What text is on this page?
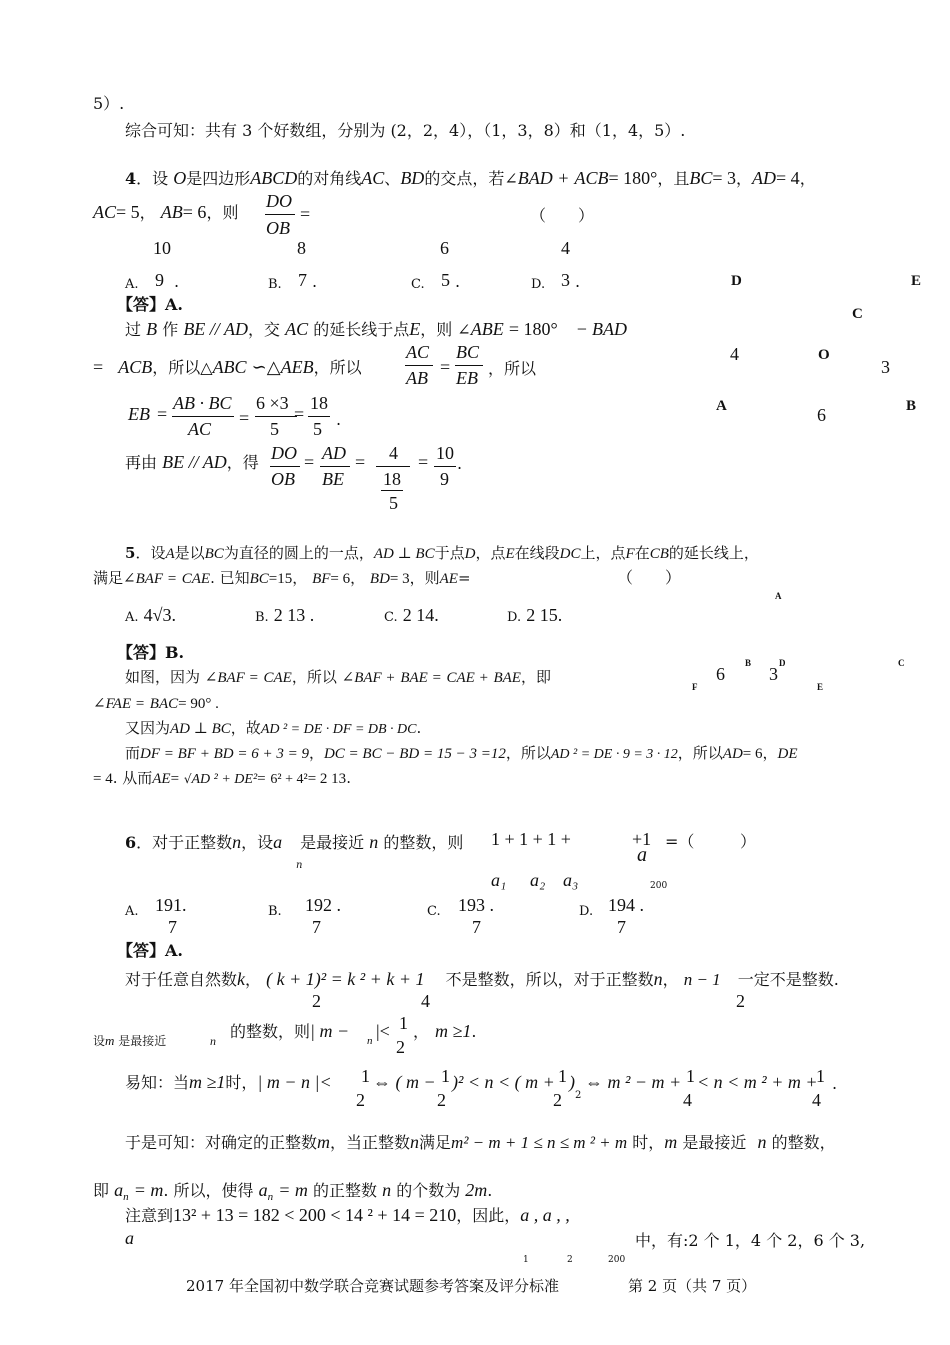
5）.
综合可知：共有 3 个好数组，分别为 (2，2，4），（1，3，8）和（1，4，5）.
4．设 O是四边形ABCD的对角线AC、BD的交点，若∠BAD + ACB= 180°，且BC= 3，AD= 4，
AC= 5， AB= 6，则
DO
OB
=	（　　）
10	8	6	4
A. 9 .	B. 7 .	C. 5 .	D. 3 .
【答】A.
过 B 作 BE // AD，交 AC 的延长线于点E，则 ∠ABE = 180° − BAD
= ACB，所以△ABC ∽△AEB，所以
AC
AB
=
BC
EB ，所以
EB =
AB · BC
AC
=
6 ×3
5
=
18
5 .
再由 BE // AD，得 DO
OB
= AD
BE
= 4
18
5
= 10
9
.
D	E
C
4	O
3
A	6	B
5．设A是以BC为直径的圆上的一点，AD ⊥ BC于点D，点E在线段DC上，点F在CB的延长线上，
满足∠BAF = CAE. 已知BC=15， BF= 6， BD= 3，则AE=	（　　）
A. 4√3.	B. 2 13 .	C. 2 14.	D. 2 15.
【答】B.
如图，因为 ∠BAF = CAE，所以 ∠BAF + BAE = CAE + BAE，即
∠FAE = BAC= 90° .
又因为AD ⊥ BC，故AD ² = DE · DF = DB · DC.
而DF = BF + BD = 6 + 3 = 9，DC = BC − BD = 15 − 3 =12，所以AD ² = DE · 9 = 3 · 12，所以AD= 6，DE
= 4. 从而AE= √AD ² + DE²= 6² + 4²= 2 13.
A
B	D	C
F	E
6 3
6．对于正整数n，设a 是最接近 n 的整数，则
n
1 + 1 + 1 +	+1
a
=（	）
a₁ a₂ a₃	200
A. 191.
7
B. 192 .
7
C. 193 .
7
D. 194 .
7
【答】A.
对于任意自然数k， ( k + 1)² = k ² + k + 1 不是整数，所以，对于正整数n， n − 1 一定不是整数.
2	4	2
设m 是最接近	n 的整数，则| m − n |< 1
2
， m ≥1.
易知：当m ≥1时，| m − n |< 1
2
⇔ ( m − 1
2
)² < n < ( m + 1
2
)
2
⇔ m ² − m + 1
4
< n < m ² + m +
1
4
.
于是可知：对确定的正整数m，当正整数n满足m² − m + 1 ≤ n ≤ m ² + m 时，m 是最接近 n 的整数，
即 $a_n = m$. 所以，使得 $a_n = m$ 的正整数 n 的个数为 2m.
注意到13² + 13 = 182 < 200 < 14 ² + 14 = 210，因此，a , a , ,
a	中，有:2 个 1，4 个 2，6 个 3,
1	2	200
2017 年全国初中数学联合竞赛试题参考答案及评分标准	第 2 页（共 7 页）
